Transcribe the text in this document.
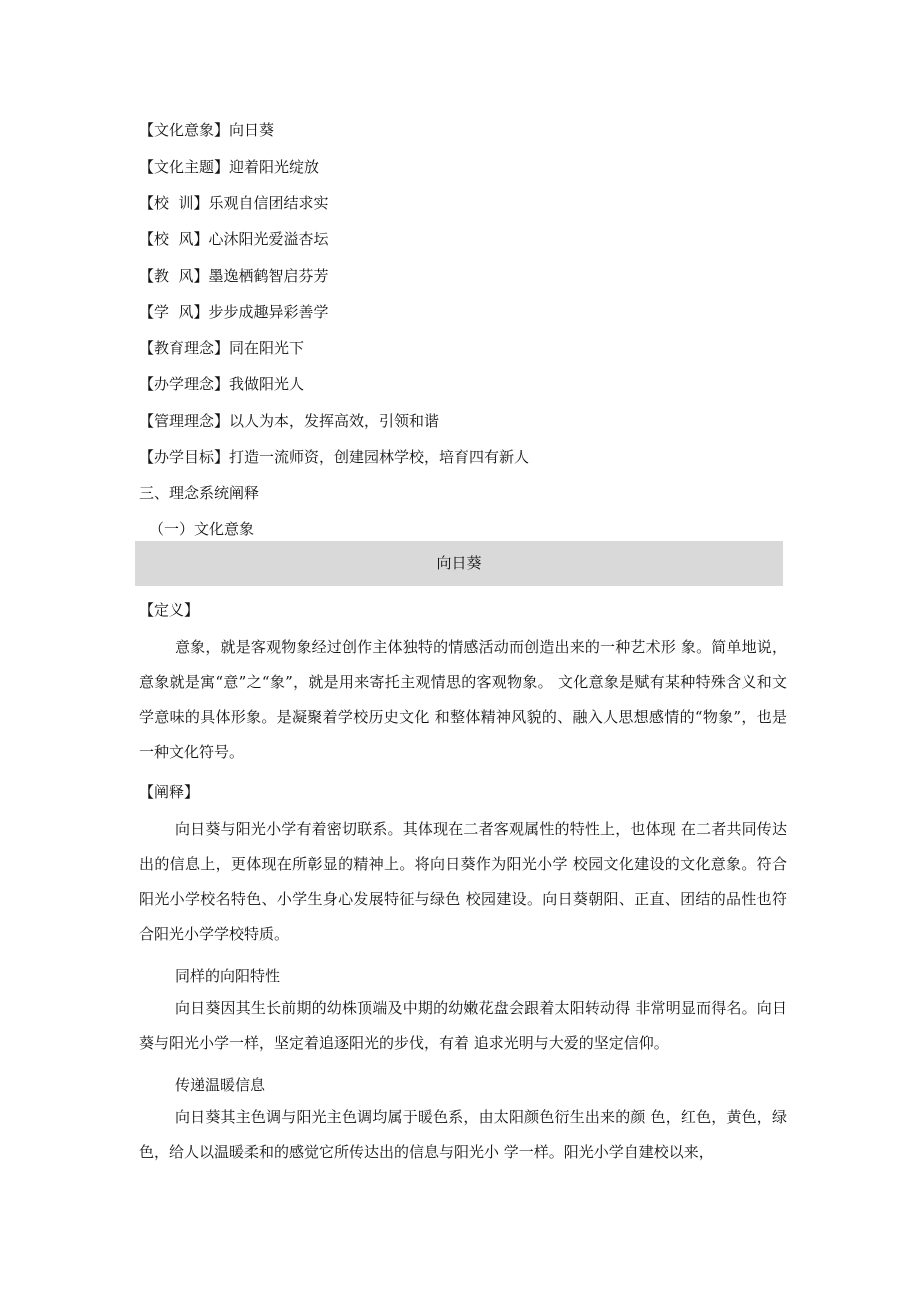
【文化意象】向日葵
【文化主题】迎着阳光绽放
【校  训】乐观自信团结求实
【校  风】心沐阳光爱溢杏坛
【教  风】墨逸栖鹤智启芬芳
【学  风】步步成趣异彩善学
【教育理念】同在阳光下
【办学理念】我做阳光人
【管理理念】以人为本，发挥高效，引领和谐
【办学目标】打造一流师资，创建园林学校，培育四有新人
三、理念系统阐释
（一）文化意象
向日葵
【定义】
意象，就是客观物象经过创作主体独特的情感活动而创造出来的一种艺术形 象。简单地说，意象就是寓“意”之“象”，就是用来寄托主观情思的客观物象。 文化意象是赋有某种特殊含义和文学意味的具体形象。是凝聚着学校历史文化 和整体精神风貌的、融入人思想感情的“物象”，也是一种文化符号。
【阐释】
向日葵与阳光小学有着密切联系。其体现在二者客观属性的特性上，也体现 在二者共同传达出的信息上，更体现在所彰显的精神上。将向日葵作为阳光小学 校园文化建设的文化意象。符合阳光小学校名特色、小学生身心发展特征与绿色 校园建设。向日葵朝阳、正直、团结的品性也符合阳光小学学校特质。
同样的向阳特性
向日葵因其生长前期的幼株顶端及中期的幼嫩花盘会跟着太阳转动得 非常明显而得名。向日葵与阳光小学一样，坚定着追逐阳光的步伐，有着 追求光明与大爱的坚定信仰。
传递温暖信息
向日葵其主色调与阳光主色调均属于暖色系，由太阳颜色衍生出来的颜 色，红色，黄色，绿色，给人以温暖柔和的感觉它所传达出的信息与阳光小 学一样。阳光小学自建校以来，
